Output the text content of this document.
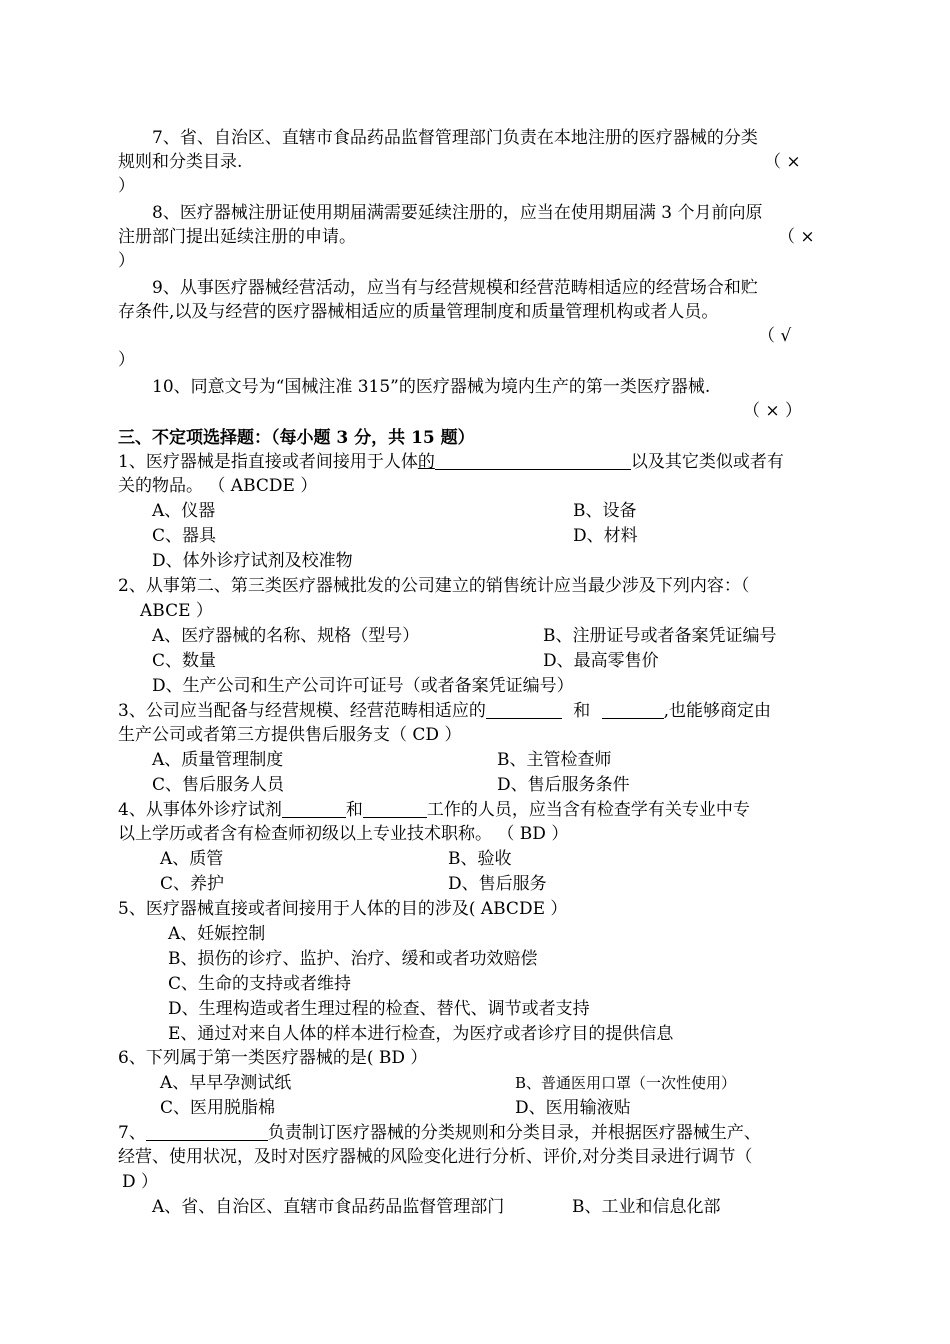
7、省、自治区、直辖市食品药品监督管理部门负责在本地注册的医疗器械的分类
规则和分类目录.	（ ×
）
8、医疗器械注册证使用期届满需要延续注册的，应当在使用期届满 3 个月前向原
注册部门提出延续注册的申请。	（ ×
）
9、从事医疗器械经营活动，应当有与经营规模和经营范畴相适应的经营场合和贮
存条件,以及与经营的医疗器械相适应的质量管理制度和质量管理机构或者人员。
（ √
）
10、同意文号为“国械注准 315”的医疗器械为境内生产的第一类医疗器械.
（ × ）
三、不定项选择题：（每小题 3 分，共 15 题）
1、医疗器械是指直接或者间接用于人体的	以及其它类似或者有
关的物品。 （ ABCDE ）
A、仪器	B、设备
C、器具	D、材料
D、体外诊疗试剂及校准物
2、从事第二、第三类医疗器械批发的公司建立的销售统计应当最少涉及下列内容：（
ABCE ）
A、医疗器械的名称、规格（型号）	B、注册证号或者备案凭证编号
C、数量	D、最高零售价
D、生产公司和生产公司许可证号（或者备案凭证编号）
3、公司应当配备与经营规模、经营范畴相适应的	和	,也能够商定由
生产公司或者第三方提供售后服务支（ CD ）
A、质量管理制度	B、主管检查师
C、售后服务人员	D、售后服务条件
4、从事体外诊疗试剂	和	工作的人员，应当含有检查学有关专业中专
以上学历或者含有检查师初级以上专业技术职称。 （ BD ）
A、质管	B、验收
C、养护	D、售后服务
5、医疗器械直接或者间接用于人体的目的涉及( ABCDE ）
A、妊娠控制
B、损伤的诊疗、监护、治疗、缓和或者功效赔偿
C、生命的支持或者维持
D、生理构造或者生理过程的检查、替代、调节或者支持
E、通过对来自人体的样本进行检查，为医疗或者诊疗目的提供信息
6、下列属于第一类医疗器械的是( BD ）
A、早早孕测试纸	B、普通医用口罩（一次性使用）
C、医用脱脂棉	D、医用输液贴
7、	负责制订医疗器械的分类规则和分类目录，并根据医疗器械生产、
经营、使用状况，及时对医疗器械的风险变化进行分析、评价,对分类目录进行调节（
D ）
A、省、自治区、直辖市食品药品监督管理部门	B、工业和信息化部
